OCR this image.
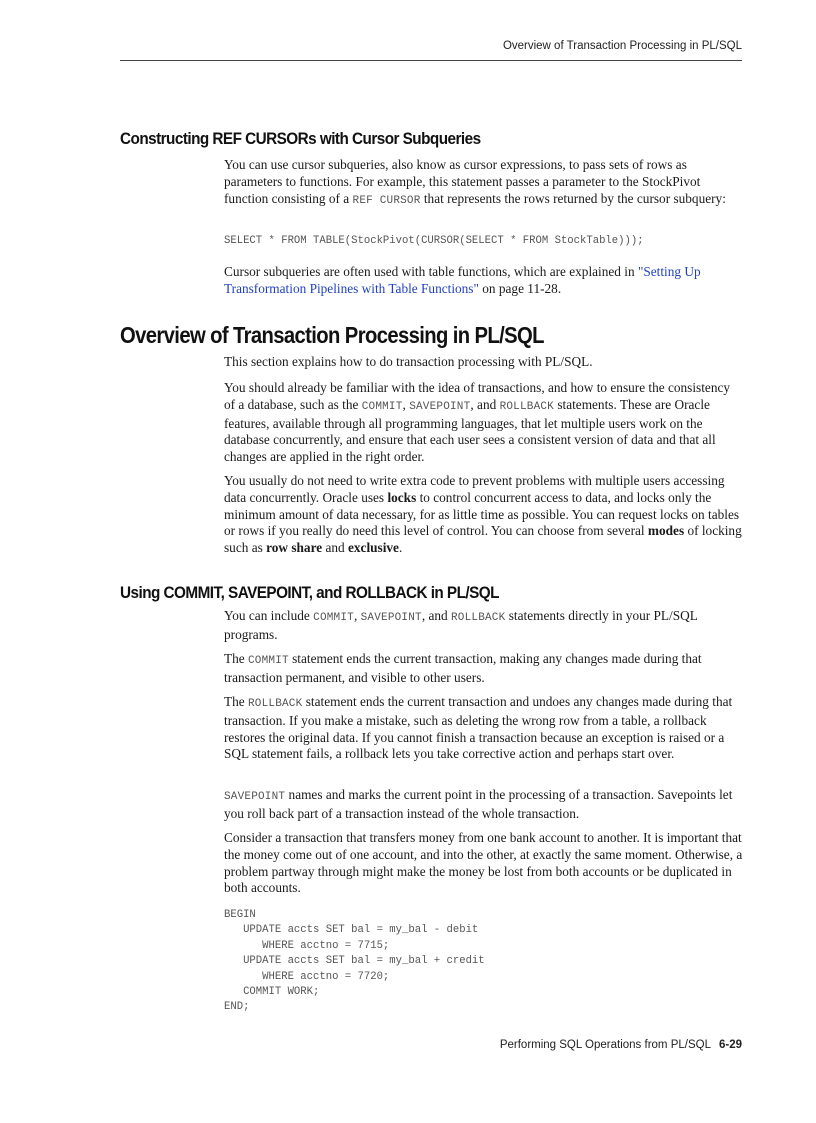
Overview of Transaction Processing in PL/SQL
Constructing REF CURSORs with Cursor Subqueries

You can use cursor subqueries, also know as cursor expressions, to pass sets of rows as parameters to functions. For example, this statement passes a parameter to the StockPivot function consisting of a REF CURSOR that represents the rows returned by the cursor subquery:

SELECT * FROM TABLE(StockPivot(CURSOR(SELECT * FROM StockTable)));

Cursor subqueries are often used with table functions, which are explained in "Setting Up Transformation Pipelines with Table Functions" on page 11-28.

Overview of Transaction Processing in PL/SQL

This section explains how to do transaction processing with PL/SQL.

You should already be familiar with the idea of transactions, and how to ensure the consistency of a database, such as the COMMIT, SAVEPOINT, and ROLLBACK statements. These are Oracle features, available through all programming languages, that let multiple users work on the database concurrently, and ensure that each user sees a consistent version of data and that all changes are applied in the right order.

You usually do not need to write extra code to prevent problems with multiple users accessing data concurrently. Oracle uses locks to control concurrent access to data, and locks only the minimum amount of data necessary, for as little time as possible. You can request locks on tables or rows if you really do need this level of control. You can choose from several modes of locking such as row share and exclusive.

Using COMMIT, SAVEPOINT, and ROLLBACK in PL/SQL

You can include COMMIT, SAVEPOINT, and ROLLBACK statements directly in your PL/SQL programs.

The COMMIT statement ends the current transaction, making any changes made during that transaction permanent, and visible to other users.

The ROLLBACK statement ends the current transaction and undoes any changes made during that transaction. If you make a mistake, such as deleting the wrong row from a table, a rollback restores the original data. If you cannot finish a transaction because an exception is raised or a SQL statement fails, a rollback lets you take corrective action and perhaps start over.

SAVEPOINT names and marks the current point in the processing of a transaction. Savepoints let you roll back part of a transaction instead of the whole transaction.

Consider a transaction that transfers money from one bank account to another. It is important that the money come out of one account, and into the other, at exactly the same moment. Otherwise, a problem partway through might make the money be lost from both accounts or be duplicated in both accounts.

BEGIN
UPDATE accts SET bal = my_bal - debit
WHERE acctno = 7715;
UPDATE accts SET bal = my_bal + credit
WHERE acctno = 7720;
COMMIT WORK;
END;
Performing SQL Operations from PL/SQL 6-29
